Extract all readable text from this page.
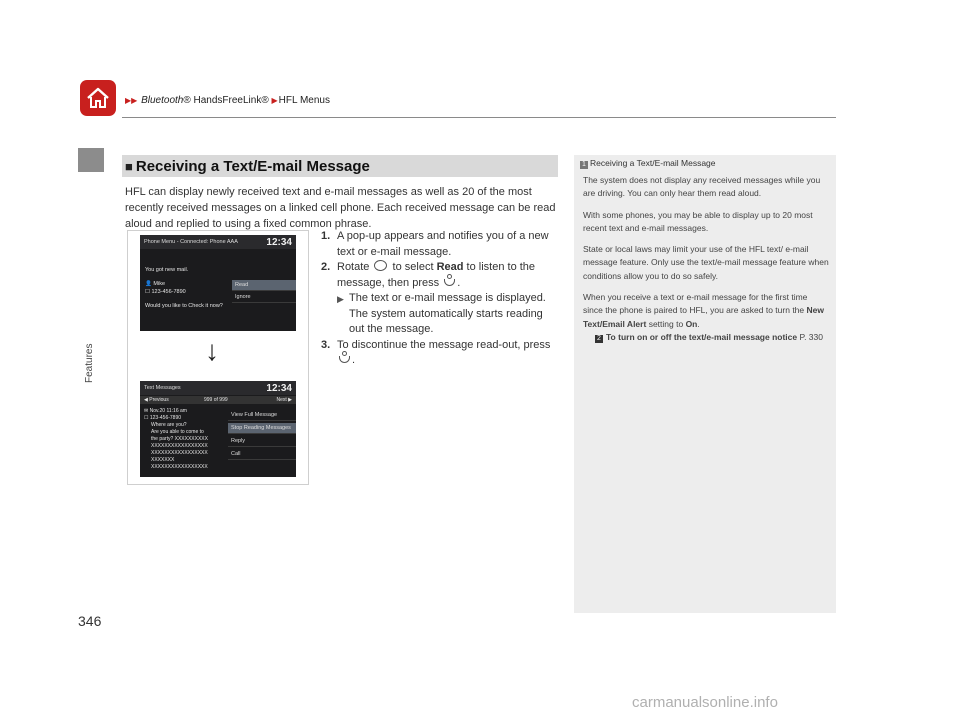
▶▶ Bluetooth® HandsFreeLink® ▶HFL Menus
Features
346
■ Receiving a Text/E-mail Message
HFL can display newly received text and e-mail messages as well as 20 of the most recently received messages on a linked cell phone. Each received message can be read aloud and replied to using a fixed common phrase.
Phone Menu - Connected: Phone AAA	12:34
You got new mail.
👤 Mike
☐ 123-456-7890
Would you like to Check it now?
Read
Ignore
Text Messages	12:34
◀ Previous	999 of 999	Next ▶
✉ Nov.20 11:16 am
☐ 123-456-7890
Where are you?
Are you able to come to
the party? XXXXXXXXXX
XXXXXXXXXXXXXXXXX
XXXXXXXXXXXXXXXXX
XXXXXXX
XXXXXXXXXXXXXXXXX
View Full Message
Stop Reading Messages
Reply
Call
↓
1. A pop-up appears and notifies you of a new text or e-mail message.
2. Rotate to select Read to listen to the message, then press .
▶ The text or e-mail message is displayed. The system automatically starts reading out the message.
3. To discontinue the message read-out, press .
1 Receiving a Text/E-mail Message

The system does not display any received messages while you are driving. You can only hear them read aloud.

With some phones, you may be able to display up to 20 most recent text and e-mail messages.

State or local laws may limit your use of the HFL text/ e-mail message feature. Only use the text/e-mail message feature when conditions allow you to do so safely.

When you receive a text or e-mail message for the first time since the phone is paired to HFL, you are asked to turn the New Text/Email Alert setting to On.

2 To turn on or off the text/e-mail message notice P. 330
carmanualsonline.info
